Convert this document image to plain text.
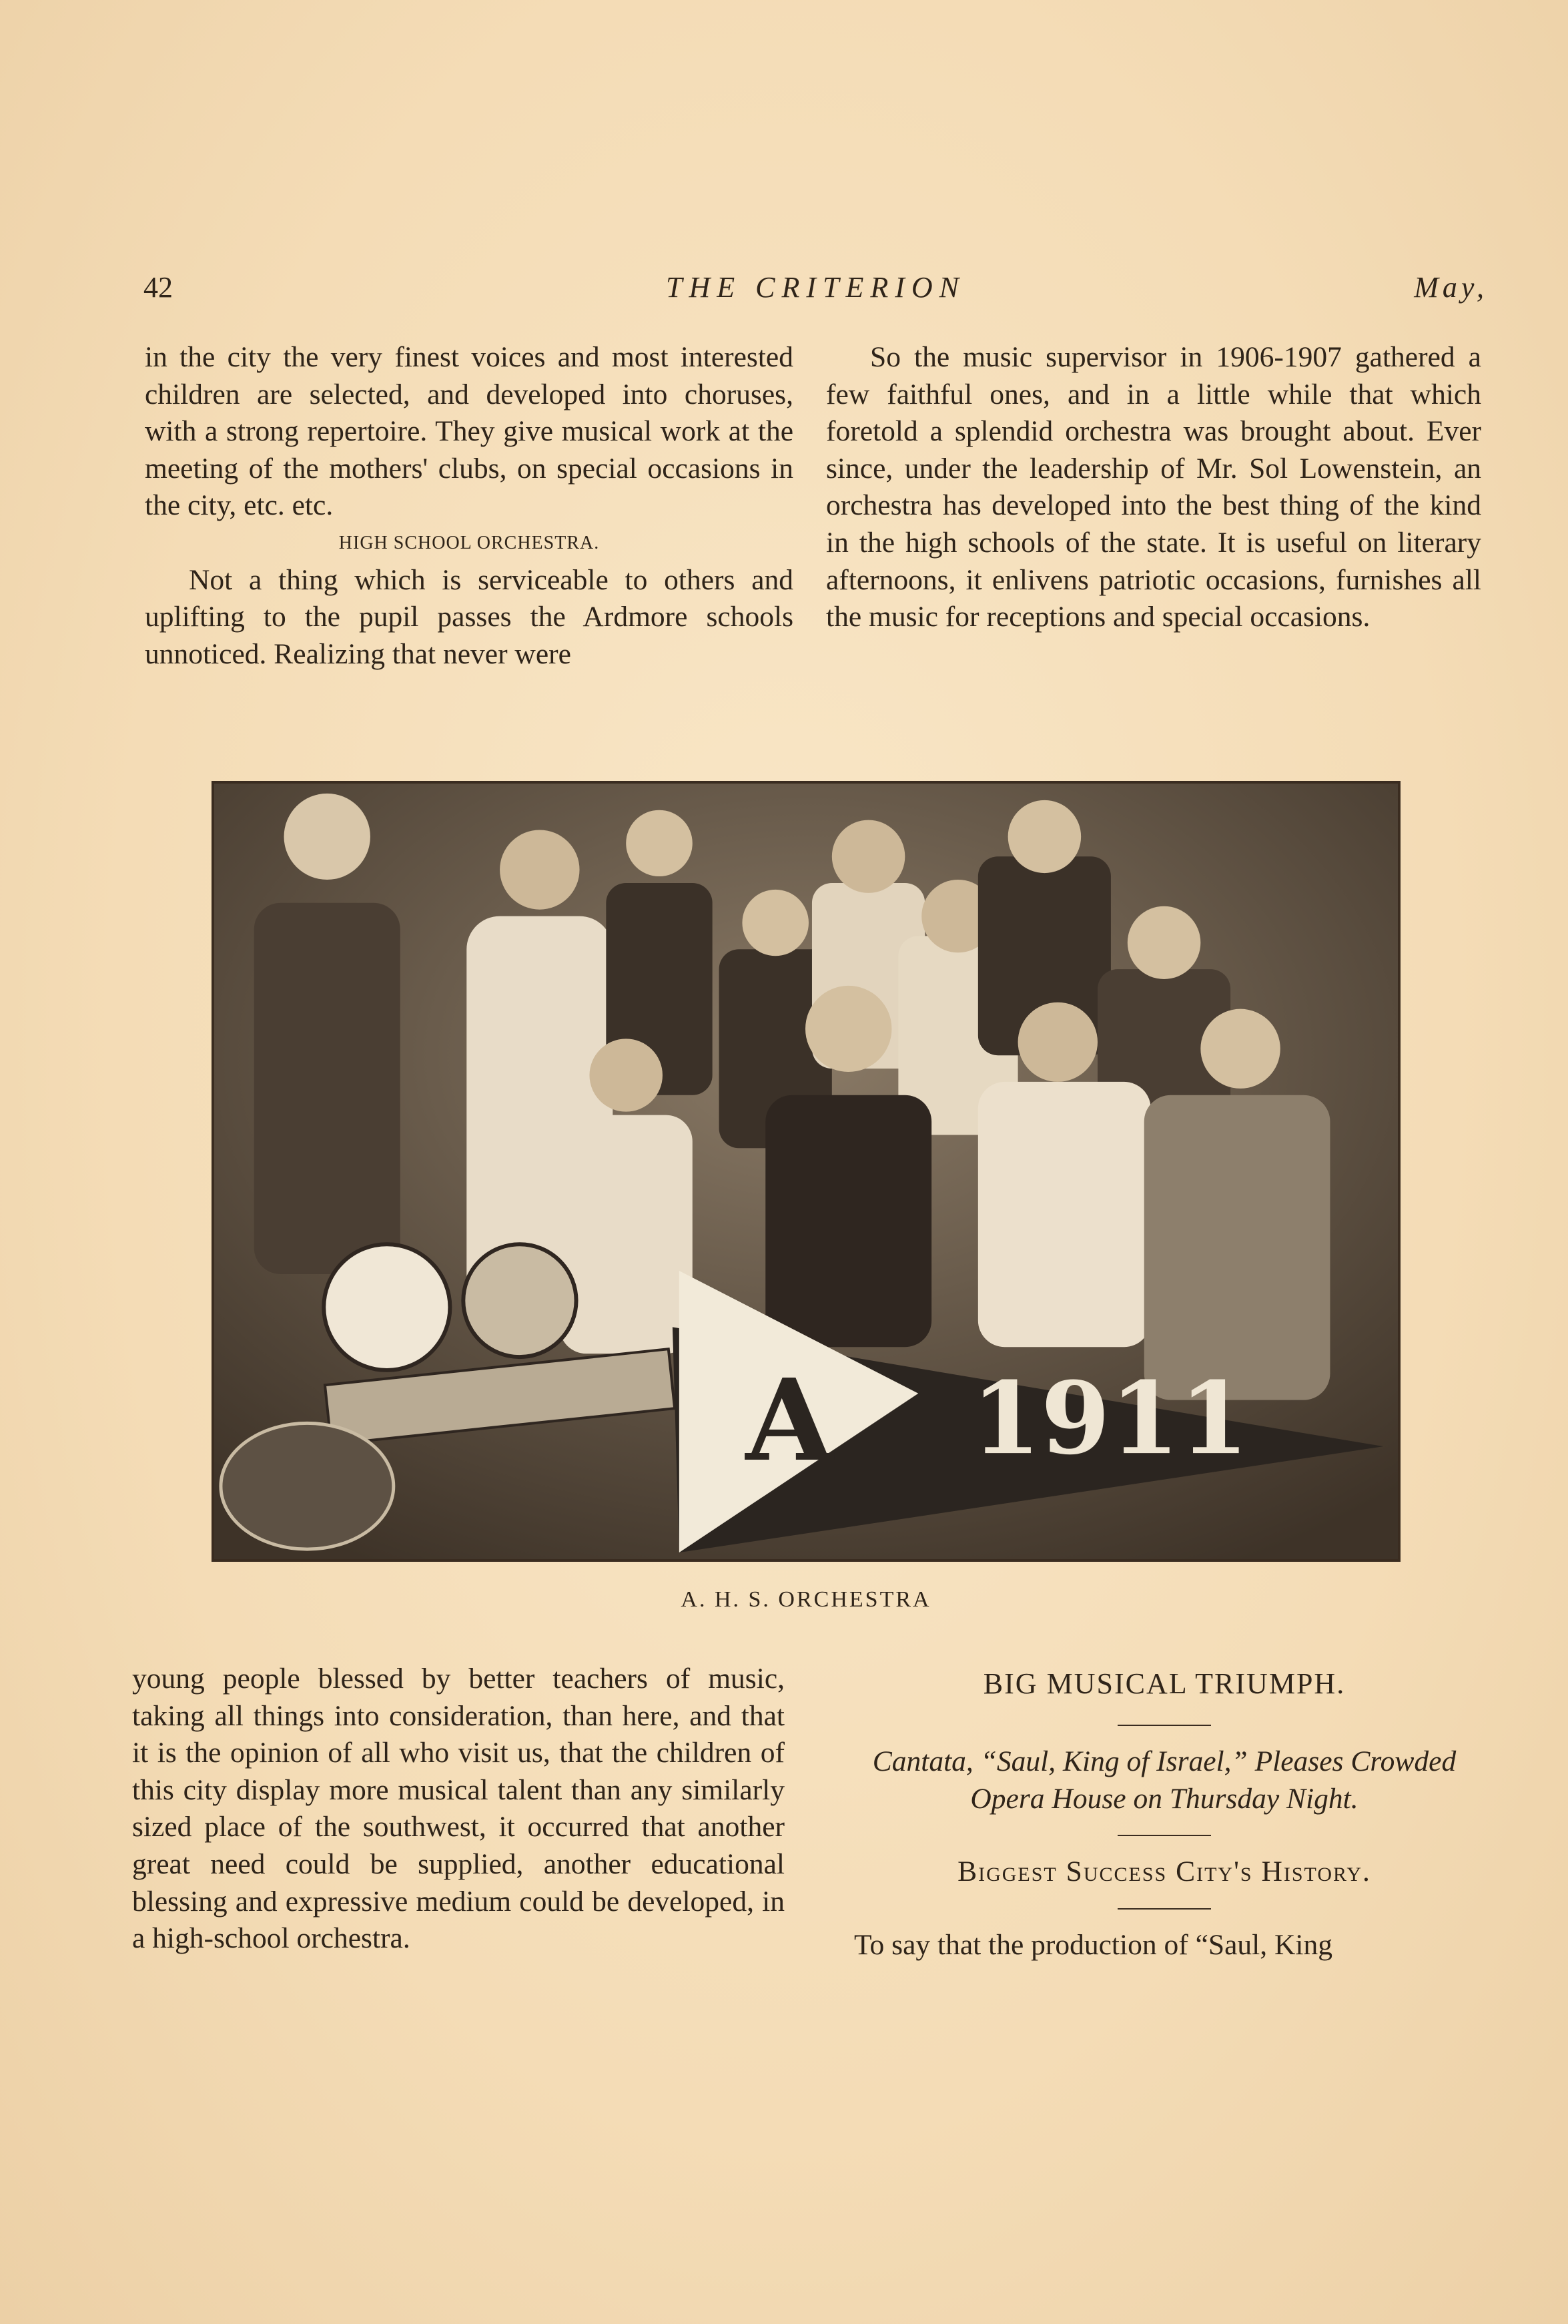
42	THE CRITERION	May,

in the city the very finest voices and most interested children are selected, and developed into choruses, with a strong repertoire. They give musical work at the meeting of the mothers' clubs, on special occasions in the city, etc. etc.

HIGH SCHOOL ORCHESTRA.

Not a thing which is serviceable to others and uplifting to the pupil passes the Ardmore schools unnoticed. Realizing that never were

So the music supervisor in 1906-1907 gathered a few faithful ones, and in a little while that which foretold a splendid orchestra was brought about. Ever since, under the leadership of Mr. Sol Lowenstein, an orchestra has developed into the best thing of the kind in the high schools of the state. It is useful on literary afternoons, it enlivens patriotic occasions, furnishes all the music for receptions and special occasions.

A 1911
A. H. S. ORCHESTRA

young people blessed by better teachers of music, taking all things into consideration, than here, and that it is the opinion of all who visit us, that the children of this city display more musical talent than any similarly sized place of the southwest, it occurred that another great need could be supplied, another educational blessing and expressive medium could be developed, in a high-school orchestra.

BIG MUSICAL TRIUMPH.

Cantata, “Saul, King of Israel,” Pleases Crowded Opera House on Thursday Night.

Biggest Success City's History.

To say that the production of “Saul, King
